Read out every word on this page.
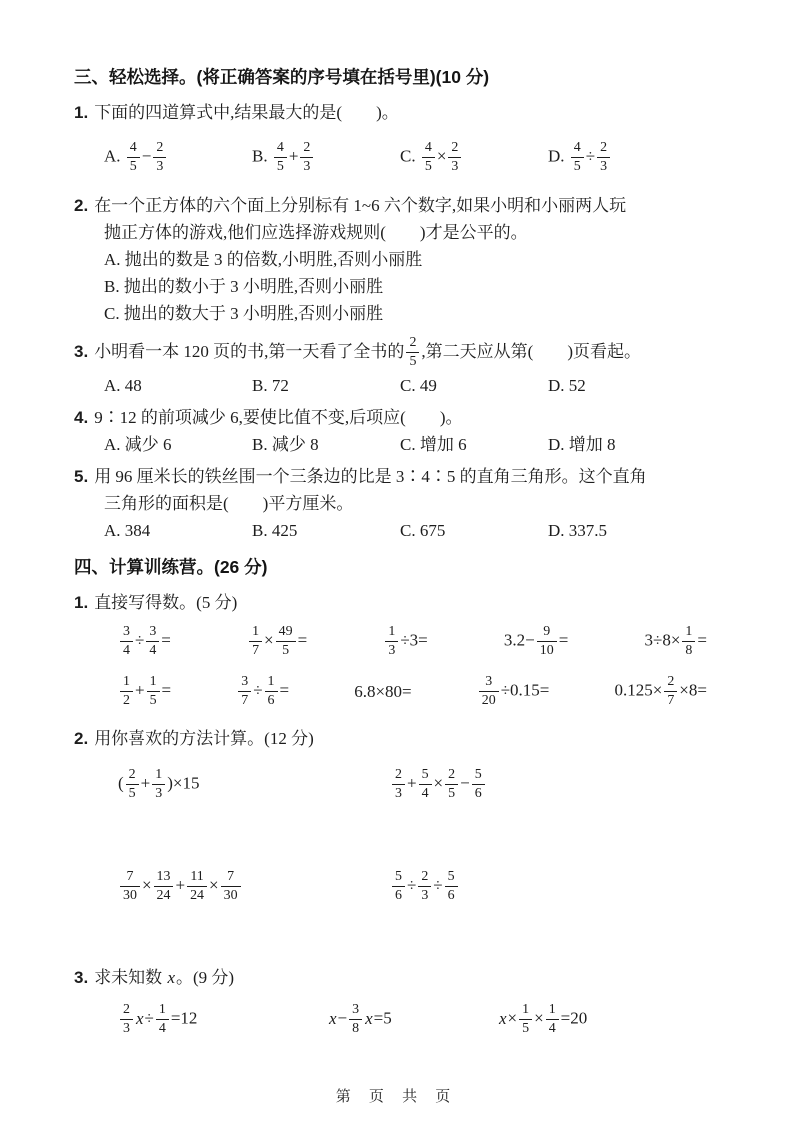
三、轻松选择。(将正确答案的序号填在括号里)(10 分)
1. 下面的四道算式中,结果最大的是(　　)。
A. $\frac{4}{5} - \frac{2}{3}$	B. $\frac{4}{5} + \frac{2}{3}$	C. $\frac{4}{5} \times \frac{2}{3}$	D. $\frac{4}{5} \div \frac{2}{3}$
2. 在一个正方体的六个面上分别标有 1~6 六个数字,如果小明和小丽两人玩
抛正方体的游戏,他们应选择游戏规则(　　)才是公平的。
A. 抛出的数是 3 的倍数,小明胜,否则小丽胜
B. 抛出的数小于 3 小明胜,否则小丽胜
C. 抛出的数大于 3 小明胜,否则小丽胜
3. 小明看一本 120 页的书,第一天看了全书的 $\frac{2}{5}$ ,第二天应从第(　　)页看起。
A. 48	B. 72	C. 49	D. 52
4. 9∶12 的前项减少 6,要使比值不变,后项应(　　)。
A. 减少 6	B. 减少 8	C. 增加 6	D. 增加 8
5. 用 96 厘米长的铁丝围一个三条边的比是 3∶4∶5 的直角三角形。这个直角
三角形的面积是(　　)平方厘米。
A. 384	B. 425	C. 675	D. 337.5
四、计算训练营。(26 分)
1. 直接写得数。(5 分)
$\frac{3}{4} \div \frac{3}{4}$ =	$\frac{1}{7} \times \frac{49}{5}$ =	$\frac{1}{3} \div 3=$	$3.2- \frac{9}{10}$ =	$3\div 8\times \frac{1}{8}$ =
$\frac{1}{2} + \frac{1}{5}$ =	$\frac{3}{7} \div \frac{1}{6}$ =	6.8×80=	$\frac{3}{20} \div 0.15=$	$0.125\times \frac{2}{7} \times 8=$
2. 用你喜欢的方法计算。(12 分)
( $\frac{2}{5} + \frac{1}{3} )\times 15$	$\frac{2}{3} + \frac{5}{4} \times \frac{2}{5} - \frac{5}{6}$
$\frac{7}{30} \times \frac{13}{24} + \frac{11}{24} \times \frac{7}{30}$	$\frac{5}{6} \div \frac{2}{3} \div \frac{5}{6}$
3. 求未知数 x。(9 分)
$\frac{2}{3} x\div \frac{1}{4} =12$	$x- \frac{3}{8} x=5$	$x\times \frac{1}{5} \times \frac{1}{4} =20$
第 页 共 页
